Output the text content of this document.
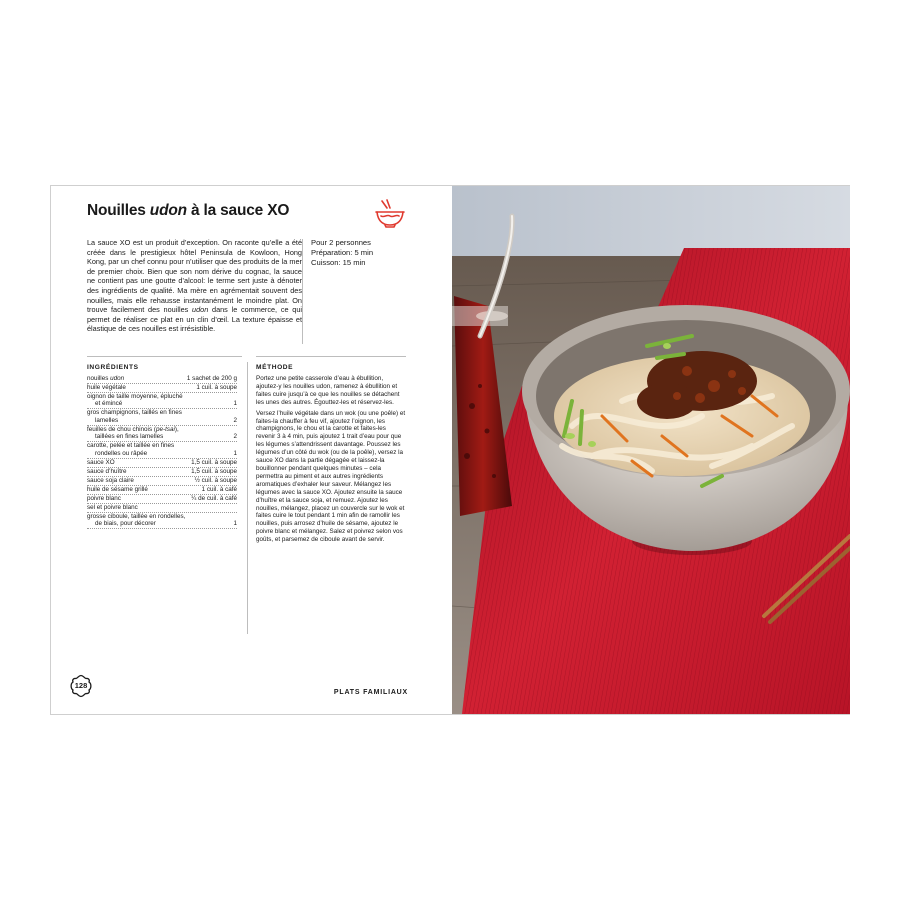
Nouilles udon à la sauce XO

La sauce XO est un produit d’exception. On raconte qu’elle a été créée dans le prestigieux hôtel Peninsula de Kowloon, Hong Kong, par un chef connu pour n’utiliser que des produits de la mer de premier choix. Bien que son nom dérive du cognac, la sauce ne contient pas une goutte d’alcool: le terme sert juste à dénoter des ingrédients de qualité. Ma mère en agrémentait souvent des nouilles, mais elle rehausse instantanément le moindre plat. On trouve facilement des nouilles udon dans le commerce, ce qui permet de réaliser ce plat en un clin d’œil. La texture épaisse et élastique de ces nouilles est irrésistible.

Pour 2 personnes
Préparation: 5 min
Cuisson: 15 min
INGRÉDIENTS	MÉTHODE
nouilles udon	1 sachet de 200 g
huile végétale	1 cuil. à soupe
oignon de taille moyenne, épluché
et émincé	1
gros champignons, taillés en fines
lamelles	2
feuilles de chou chinois (pe-tsai),
taillées en fines lamelles	2
carotte, pelée et taillée en fines
rondelles ou râpée	1
sauce XO	1,5 cuil. à soupe
sauce d’huître	1,5 cuil. à soupe
sauce soja claire	½ cuil. à soupe
huile de sésame grillé	1 cuil. à café
poivre blanc	¼ de cuil. à café
sel et poivre blanc
grosse ciboule, taillée en rondelles,
de biais, pour décorer	1

Portez une petite casserole d’eau à ébullition, ajoutez-y les nouilles udon, ramenez à ébullition et faites cuire jusqu’à ce que les nouilles se détachent les unes des autres. Égouttez-les et réservez-les.

Versez l’huile végétale dans un wok (ou une poêle) et faites-la chauffer à feu vif, ajoutez l’oignon, les champignons, le chou et la carotte et faites-les revenir 3 à 4 min, puis ajoutez 1 trait d’eau pour que les légumes s’attendrissent davantage. Poussez les légumes d’un côté du wok (ou de la poêle), versez la sauce XO dans la partie dégagée et laissez-la bouillonner pendant quelques minutes – cela permettra au piment et aux autres ingrédients aromatiques d’exhaler leur saveur. Mélangez les légumes avec la sauce XO. Ajoutez ensuite la sauce d’huître et la sauce soja, et remuez. Ajoutez les nouilles, mélangez, placez un couvercle sur le wok et faites cuire le tout pendant 1 min afin de ramollir les nouilles, puis arrosez d’huile de sésame, ajoutez le poivre blanc et mélangez. Salez et poivrez selon vos goûts, et parsemez de ciboule avant de servir.

128
PLATS FAMILIAUX
